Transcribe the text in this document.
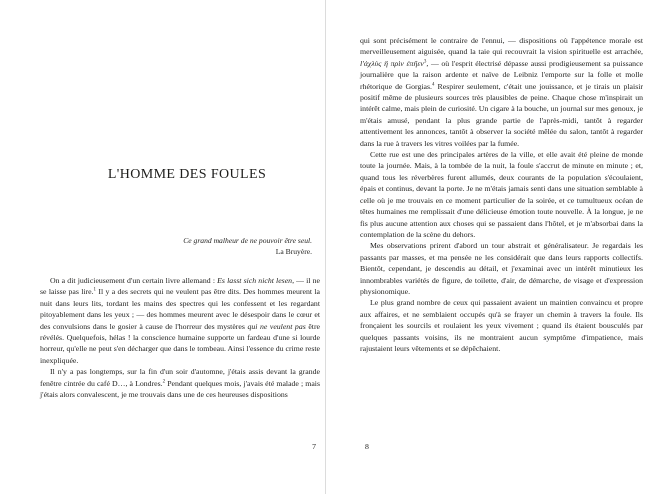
L'HOMME DES FOULES
Ce grand malheur de ne pouvoir être seul.
La Bruyère.

On a dit judicieusement d'un certain livre allemand : Es lasst sich nicht lesen, — il ne se laisse pas lire.$^1$ Il y a des secrets qui ne veulent pas être dits. Des hommes meurent la nuit dans leurs lits, tordant les mains des spectres qui les confessent et les regardant pitoyablement dans les yeux ; — des hommes meurent avec le désespoir dans le cœur et des convulsions dans le gosier à cause de l'horreur des mystères qui ne veulent pas être révélés. Quelquefois, hélas ! la conscience humaine supporte un fardeau d'une si lourde horreur, qu'elle ne peut s'en décharger que dans le tombeau. Ainsi l'essence du crime reste inexpliquée.

Il n'y a pas longtemps, sur la fin d'un soir d'automne, j'étais assis devant la grande fenêtre cintrée du café D…, à Londres.$^2$ Pendant quelques mois, j'avais été malade ; mais j'étais alors convalescent, je me trouvais dans une de ces heureuses dispositions

7

qui sont précisément le contraire de l'ennui, — dispositions où l'appétence morale est merveilleusement aiguisée, quand la taie qui recouvrait la vision spirituelle est arrachée, l'ἀχλὺς ἣ πρὶν ἐπῆεν$^3$, — où l'esprit électrisé dépasse aussi prodigieusement sa puissance journalière que la raison ardente et naïve de Leibniz l'emporte sur la folle et molle rhétorique de Gorgias.$^4$ Respirer seulement, c'était une jouissance, et je tirais un plaisir positif même de plusieurs sources très plausibles de peine. Chaque chose m'inspirait un intérêt calme, mais plein de curiosité. Un cigare à la bouche, un journal sur mes genoux, je m'étais amusé, pendant la plus grande partie de l'après-midi, tantôt à regarder attentivement les annonces, tantôt à observer la société mêlée du salon, tantôt à regarder dans la rue à travers les vitres voilées par la fumée.

Cette rue est une des principales artères de la ville, et elle avait été pleine de monde toute la journée. Mais, à la tombée de la nuit, la foule s'accrut de minute en minute ; et, quand tous les réverbères furent allumés, deux courants de la population s'écoulaient, épais et continus, devant la porte. Je ne m'étais jamais senti dans une situation semblable à celle où je me trouvais en ce moment particulier de la soirée, et ce tumultueux océan de têtes humaines me remplissait d'une délicieuse émotion toute nouvelle. À la longue, je ne fis plus aucune attention aux choses qui se passaient dans l'hôtel, et je m'absorbai dans la contemplation de la scène du dehors.

Mes observations prirent d'abord un tour abstrait et généralisateur. Je regardais les passants par masses, et ma pensée ne les considérait que dans leurs rapports collectifs. Bientôt, cependant, je descendis au détail, et j'examinai avec un intérêt minutieux les innombrables variétés de figure, de toilette, d'air, de démarche, de visage et d'expression physionomique.

Le plus grand nombre de ceux qui passaient avaient un maintien convaincu et propre aux affaires, et ne semblaient occupés qu'à se frayer un chemin à travers la foule. Ils fronçaient les sourcils et roulaient les yeux vivement ; quand ils étaient bousculés par quelques passants voisins, ils ne montraient aucun symptôme d'impatience, mais rajustaient leurs vêtements et se dépêchaient.

8
